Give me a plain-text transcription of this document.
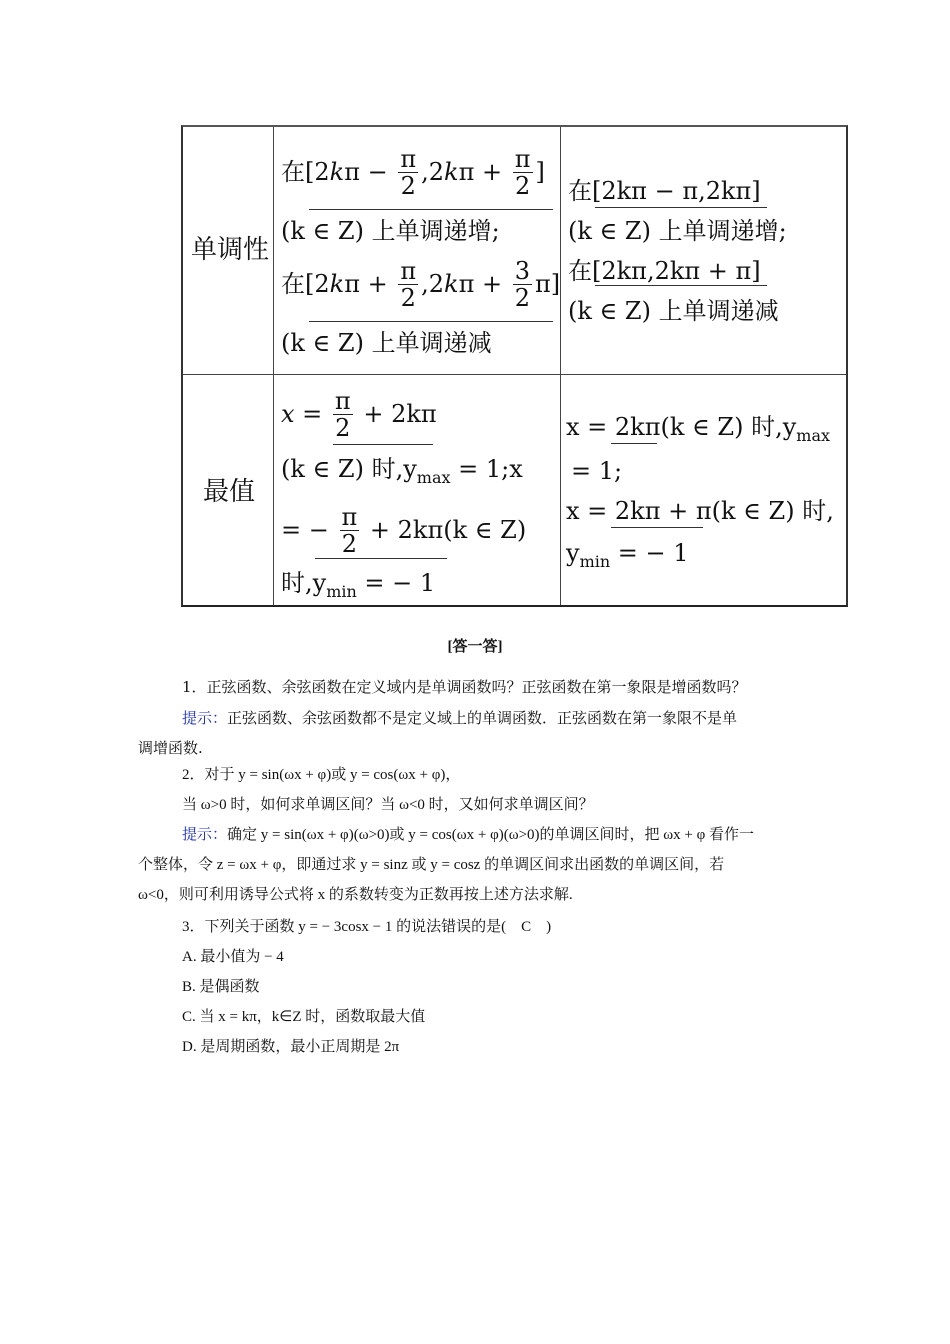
单调性
在[$2k\pi - \frac{\pi}{2} ,2k\pi + \frac{\pi}{2}$ ]
(k ∈ Z) 上单调递增;
在$[2k\pi + \frac{\pi}{2} ,2k\pi + \frac{3}{2} \pi]$
(k ∈ Z) 上单调递减
在[2kπ − π,2kπ]
(k ∈ Z) 上单调递增;
在[2kπ,2kπ + π]
(k ∈ Z) 上单调递减
最值
$x = \frac{\pi}{2} + 2k\pi$
(k ∈ Z) 时$,y_{max}$ = 1;x
= − $\frac{\pi}{2} + 2k\pi(k$ ∈ Z)
时$,y_{min}$ = − 1
x = 2kπ(k ∈ Z) 时$,y_{max}$
= 1;
x = 2kπ + π(k ∈ Z) 时,
$y_{min}$ = − 1
[答一答]
1．正弦函数、余弦函数在定义域内是单调函数吗？正弦函数在第一象限是增函数吗？
提示：正弦函数、余弦函数都不是定义域上的单调函数．正弦函数在第一象限不是单
调增函数.
2．对于 y = sin(ωx + φ)或 y = cos(ωx + φ)，
当 ω>0 时，如何求单调区间？当 ω<0 时，又如何求单调区间？
提示：确定 y = sin(ωx + φ)(ω>0)或 y = cos(ωx + φ)(ω>0)的单调区间时，把 ωx + φ 看作一
个整体，令 z = ωx + φ，即通过求 y = sinz 或 y = cosz 的单调区间求出函数的单调区间，若
ω<0，则可利用诱导公式将 x 的系数转变为正数再按上述方法求解.
3．下列关于函数 y = − 3cosx − 1 的说法错误的是(　C　)
A. 最小值为 − 4
B. 是偶函数
C. 当 x = kπ，k∈Z 时，函数取最大值
D. 是周期函数，最小正周期是 2π
